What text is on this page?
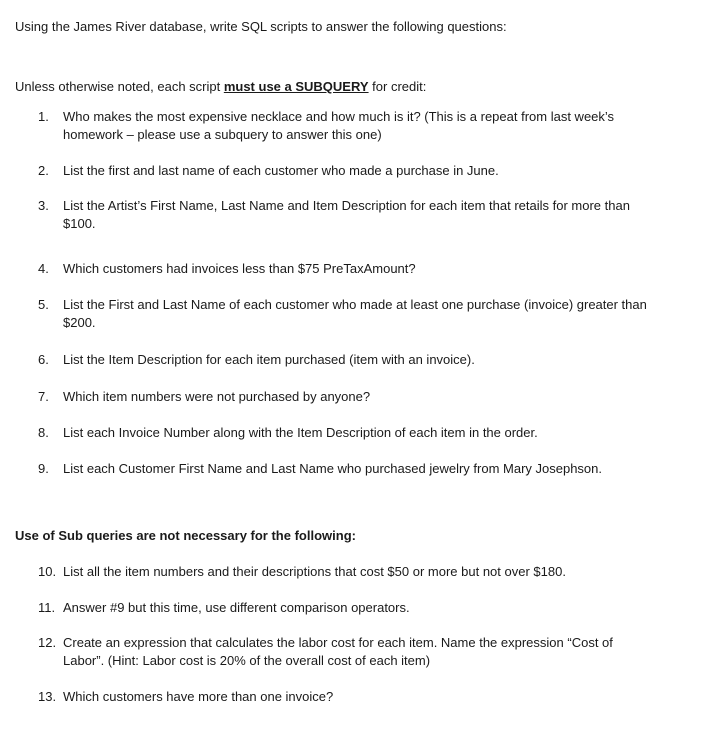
Using the James River database, write SQL scripts to answer the following questions:
Unless otherwise noted, each script must use a SUBQUERY for credit:
1.	Who makes the most expensive necklace and how much is it? (This is a repeat from last week’s homework – please use a subquery to answer this one)
2.	List the first and last name of each customer who made a purchase in June.
3.	List the Artist’s First Name, Last Name and Item Description for each item that retails for more than $100.
4.	Which customers had invoices less than $75 PreTaxAmount?
5.	List the First and Last Name of each customer who made at least one purchase (invoice) greater than $200.
6.	List the Item Description for each item purchased (item with an invoice).
7.	Which item numbers were not purchased by anyone?
8.	List each Invoice Number along with the Item Description of each item in the order.
9.	List each Customer First Name and Last Name who purchased jewelry from Mary Josephson.
Use of Sub queries are not necessary for the following:
10. List all the item numbers and their descriptions that cost $50 or more but not over $180.
11. Answer #9 but this time, use different comparison operators.
12. Create an expression that calculates the labor cost for each item. Name the expression “Cost of Labor”. (Hint: Labor cost is 20% of the overall cost of each item)
13. Which customers have more than one invoice?
